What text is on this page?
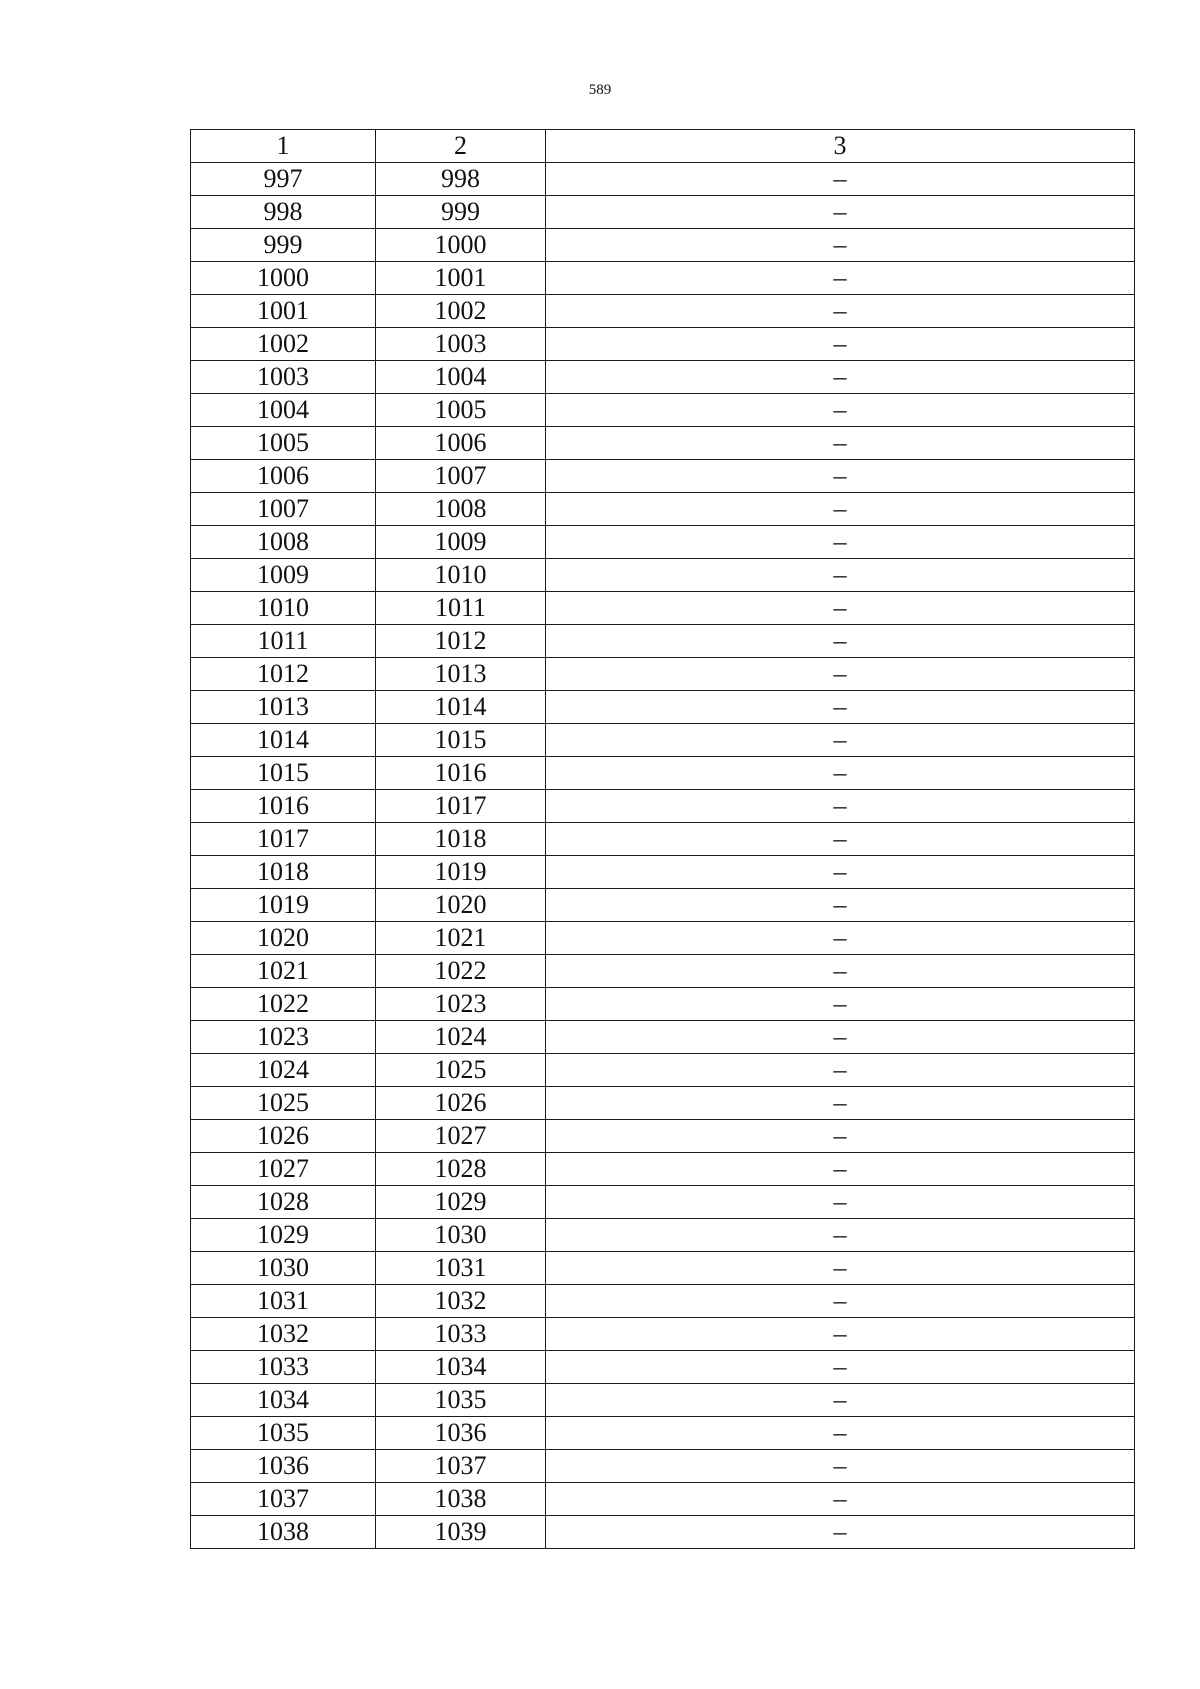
589
1	2	3
997	998	–
998	999	–
999	1000	–
1000	1001	–
1001	1002	–
1002	1003	–
1003	1004	–
1004	1005	–
1005	1006	–
1006	1007	–
1007	1008	–
1008	1009	–
1009	1010	–
1010	1011	–
1011	1012	–
1012	1013	–
1013	1014	–
1014	1015	–
1015	1016	–
1016	1017	–
1017	1018	–
1018	1019	–
1019	1020	–
1020	1021	–
1021	1022	–
1022	1023	–
1023	1024	–
1024	1025	–
1025	1026	–
1026	1027	–
1027	1028	–
1028	1029	–
1029	1030	–
1030	1031	–
1031	1032	–
1032	1033	–
1033	1034	–
1034	1035	–
1035	1036	–
1036	1037	–
1037	1038	–
1038	1039	–
